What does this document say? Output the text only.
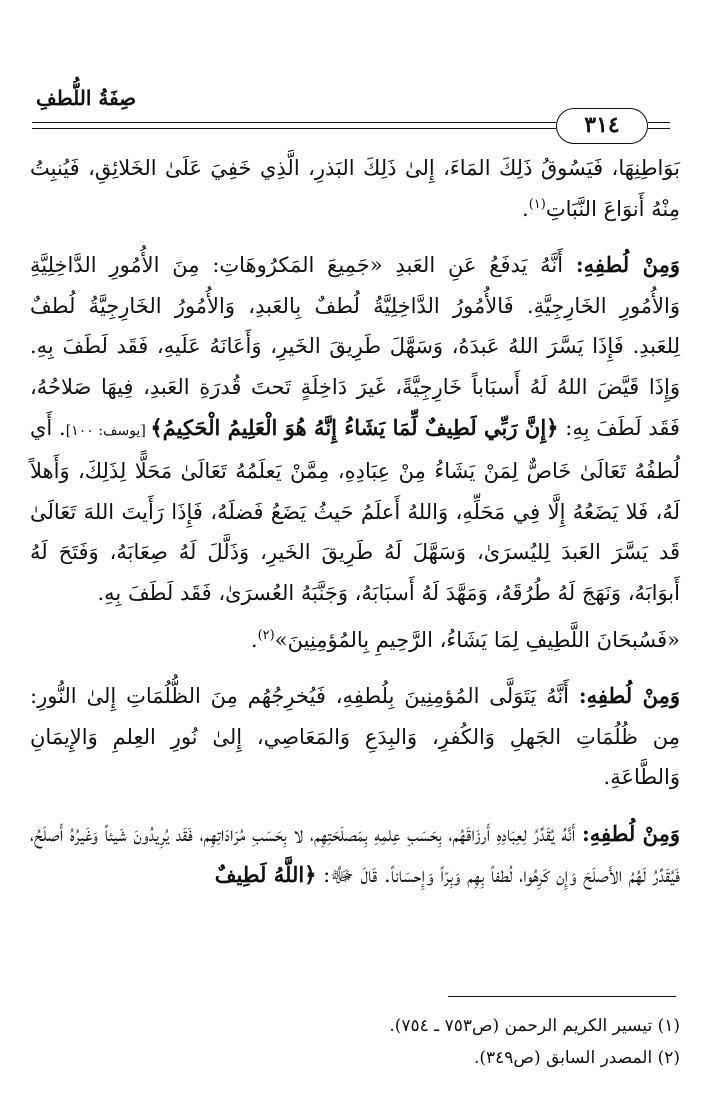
صِفَةُ اللُّطفِ
٣١٤

بَوَاطِنِهَا، فَيَسُوقُ ذَلِكَ المَاءَ، إِلىٰ ذَلِكَ البَذرِ، الَّذِي خَفِيَ عَلَىٰ الخَلائِقِ، فَيُنبِتُ مِنْهُ أَنوَاعَ النَّبَاتِ$^{(١)}$.

وَمِنْ لُطفِهِ: أَنَّهُ يَدفَعُ عَنِ العَبدِ «جَمِيعَ المَكرُوهَاتِ: مِنَ الأُمُورِ الدَّاخِلِيَّةِ وَالأُمُورِ الخَارِجِيَّةِ. فَالأُمُورُ الدَّاخِلِيَّةُ لُطفٌ بِالعَبدِ، وَالأُمُورُ الخَارِجِيَّةُ لُطفٌ لِلعَبدِ. فَإِذَا يَسَّرَ اللهُ عَبدَهُ، وَسَهَّلَ طَرِيقَ الخَيرِ، وَأَعَانَهُ عَلَيهِ، فَقَد لَطَفَ بِهِ. وَإِذَا قَيَّضَ اللهُ لَهُ أَسبَاباً خَارِجِيَّةً، غَيرَ دَاخِلَةٍ تَحتَ قُدرَةِ العَبدِ، فِيهَا صَلاحُهُ، فَقَد لَطَفَ بِهِ: ﴿إِنَّ رَبِّي لَطِيفٌ لِّمَا يَشَاءُ إِنَّهُ هُوَ الْعَلِيمُ الْحَكِيمُ﴾ [يوسف: ١٠٠]. أَي لُطفُهُ تَعَالَىٰ خَاصٌّ لِمَنْ يَشَاءُ مِنْ عِبَادِهِ، مِمَّنْ يَعلَمُهُ تَعَالَىٰ مَحَلًّا لِذَلِكَ، وَأَهلاً لَهُ، فَلا يَضَعُهُ إِلَّا فِي مَحَلِّهِ، وَاللهُ أَعلَمُ حَيثُ يَضَعُ فَضلَهُ، فَإِذَا رَأَيتَ اللهَ تَعَالَىٰ قَد يَسَّرَ العَبدَ لِليُسرَىٰ، وَسَهَّلَ لَهُ طَرِيقَ الخَيرِ، وَذَلَّلَ لَهُ صِعَابَهُ، وَفَتَحَ لَهُ أَبوَابَهُ، وَنَهَجَ لَهُ طُرُقَهُ، وَمَهَّدَ لَهُ أَسبَابَهُ، وَجَنَّبَهُ العُسرَىٰ، فَقَد لَطَفَ بِهِ.

«فَسُبحَانَ اللَّطِيفِ لِمَا يَشَاءُ، الرَّحِيمِ بِالمُؤمِنِينَ»$^{(٢)}$.

وَمِنْ لُطفِهِ: أَنَّهُ يَتَوَلَّى المُؤمِنِينَ بِلُطفِهِ، فَيُخرِجُهُم مِنَ الظُّلُمَاتِ إِلىٰ النُّورِ: مِن ظُلُمَاتِ الجَهلِ وَالكُفرِ، وَالبِدَعِ وَالمَعَاصِي، إِلىٰ نُورِ العِلمِ وَالإِيمَانِ وَالطَّاعَةِ.

وَمِنْ لُطفِهِ: أَنَّهُ يُقَدِّرُ لِعِبَادِهِ أَرزَاقَهُم، بِحَسَبِ عِلمِهِ بِمَصلَحَتِهِم، لا بِحَسَبِ مُرَادَاتِهِم، فَقَد يُرِيدُونَ شَيئاً وَغَيرُهُ أَصلَحُ، فَيُقَدِّرُ لَهُمُ الأَصلَحَ وَإِن كَرِهُوا، لُطفاً بِهِم وَبِرّاً وَإِحسَاناً. قَالَ ﷻ: ﴿اللَّهُ لَطِيفٌ

(١) تيسير الكريم الرحمن (ص٧٥٣ ـ ٧٥٤).
(٢) المصدر السابق (ص٣٤٩).
